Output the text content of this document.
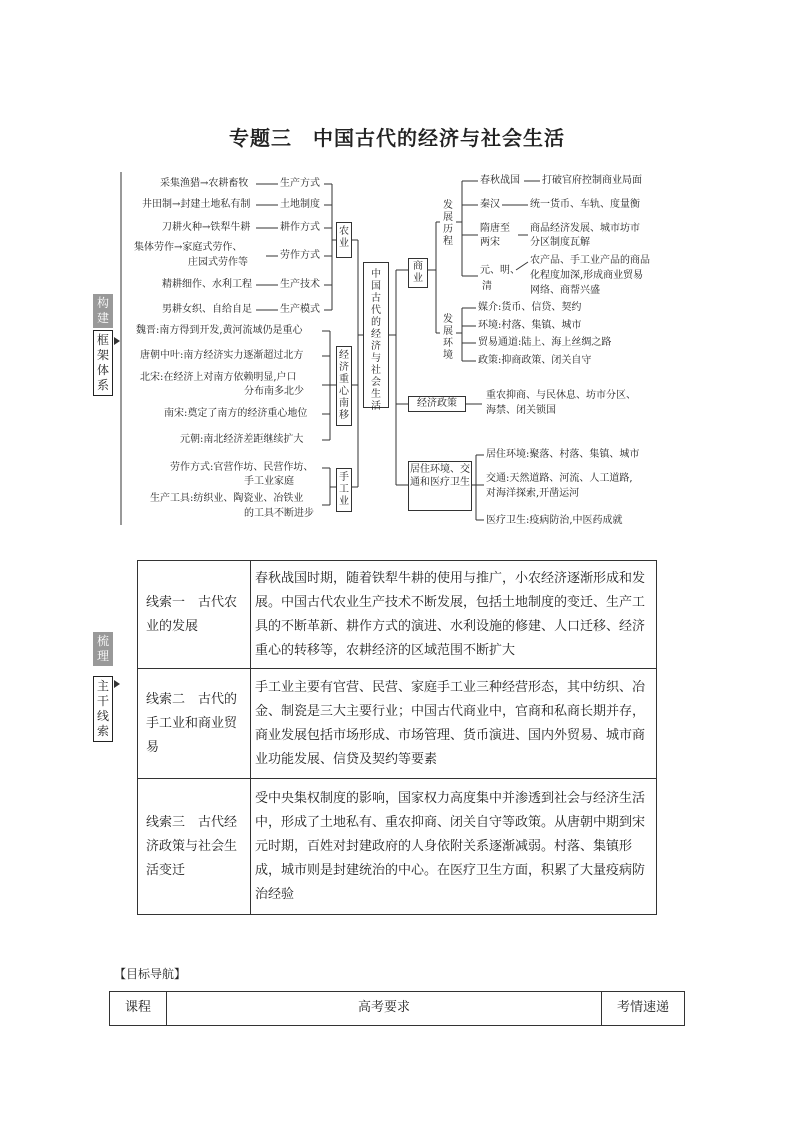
专题三　中国古代的经济与社会生活
构建
框架体系
梳理
主干线索
采集渔猎→农耕畜牧	生产方式
井田制→封建土地私有制	土地制度
刀耕火种→铁犁牛耕	耕作方式
集体劳作→家庭式劳作、
庄园式劳作等
劳作方式
精耕细作、水利工程	生产技术
男耕女织、自给自足	生产模式
农业
魏晋:南方得到开发,黄河流域仍是重心
唐朝中叶:南方经济实力逐渐超过北方
北宋:在经济上对南方依赖明显,户口
分布南多北少
南宋:奠定了南方的经济重心地位
元朝:南北经济差距继续扩大
经济重心南移
劳作方式:官营作坊、民营作坊、
手工业家庭
生产工具:纺织业、陶瓷业、冶铁业
的工具不断进步
手工业
中国古代的经济与社会生活
商业
发展历程
发展环境
春秋战国 打破官府控制商业局面
秦汉	统一货币、车轨、度量衡
隋唐至
两宋
商品经济发展、城市坊市
分区制度瓦解
元、明、
清
农产品、手工业产品的商品
化程度加深,形成商业贸易
网络、商帮兴盛
媒介:货币、信贷、契约
环境:村落、集镇、城市
贸易通道:陆上、海上丝绸之路
政策:抑商政策、闭关自守
经济政策
重农抑商、与民休息、坊市分区、
海禁、闭关锁国
居住环境、交通和医疗卫生
居住环境:聚落、村落、集镇、城市
交通:天然道路、河流、人工道路,
对海洋探索,开凿运河
医疗卫生:疫病防治,中医药成就
线索一　古代农业的发展	春秋战国时期，随着铁犁牛耕的使用与推广，小农经济逐渐形成和发展。中国古代农业生产技术不断发展，包括土地制度的变迁、生产工具的不断革新、耕作方式的演进、水利设施的修建、人口迁移、经济重心的转移等，农耕经济的区域范围不断扩大
线索二　古代的手工业和商业贸易	手工业主要有官营、民营、家庭手工业三种经营形态，其中纺织、冶金、制瓷是三大主要行业；中国古代商业中，官商和私商长期并存，商业发展包括市场形成、市场管理、货币演进、国内外贸易、城市商业功能发展、信贷及契约等要素
线索三　古代经济政策与社会生活变迁	受中央集权制度的影响，国家权力高度集中并渗透到社会与经济生活中，形成了土地私有、重农抑商、闭关自守等政策。从唐朝中期到宋元时期，百姓对封建政府的人身依附关系逐渐减弱。村落、集镇形成，城市则是封建统治的中心。在医疗卫生方面，积累了大量疫病防治经验
【目标导航】
课程	高考要求	考情速递
